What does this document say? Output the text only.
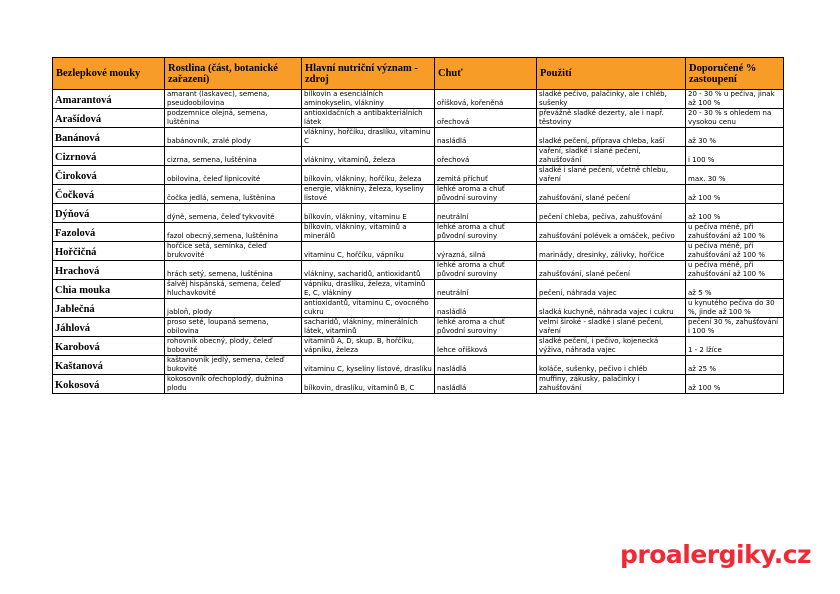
Bezlepkové mouky	Rostlina (část, botanické zařazení)	Hlavní nutriční význam - zdroj	Chuť	Použití	Doporučené % zastoupení
Amarantová	amarant (laskavec), semena, pseudoobilovina	bílkovin a esenciálních aminokyselin, vlákniny	oříšková, kořeněná	sladké pečivo, palačinky, ale i chléb, sušenky	20 - 30 % u pečiva, jinak až 100 %
Arašídová	podzemnice olejná, semena, luštěnina	antioxidačních a antibakteriálních látek	ořechová	převážně sladké dezerty, ale i např. těstoviny	20 - 30 % s ohledem na vysokou cenu
Banánová	babánovník, zralé plody	vlákniny, hořčíku, draslíku, vitaminu C	nasládlá	sladké pečení, příprava chleba, kaší	až 30 %
Cizrnová	cizrna, semena, luštěnina	vlákniny, vitaminů, železa	ořechová	vaření, sladké i slané pečení, zahušťování	i 100 %
Čiroková	obilovina, čeleď lipnicovité	bílkovin, vlákniny, hořčíku, železa	zemitá příchuť	sladké i slané pečení, včetně chlebu, vaření	max. 30 %
Čočková	čočka jedlá, semena, luštěnina	energie, vlákniny, železa, kyseliny listové	lehké aroma a chuť původní suroviny	zahušťování, slané pečení	až 100 %
Dýňová	dýně, semena, čeleď tykvovité	bílkovin, vlákniny, vitaminu E	neutrální	pečení chleba, pečiva, zahušťování	až 100 %
Fazolová	fazol obecný,semena, luštěnina	bílkovin, vlákniny, vitaminů a minerálů	lehké aroma a chuť původní suroviny	zahušťování polévek a omáček, pečivo	u pečiva méně, při zahušťování až 100 %
Hořčičná	hořčice setá, semínka, čeleď brukvovité	vitaminu C, hořčíku, vápníku	výrazná, silná	marinády, dresinky, zálivky, hořčice	u pečiva méně, při zahušťování až 100 %
Hrachová	hrách setý, semena, luštěnina	vlákniny, sacharidů, antioxidantů	lehké aroma a chuť původní suroviny	zahušťování, slané pečení	u pečiva méně, při zahušťování až 100 %
Chia mouka	šalvěj hispánská, semena, čeleď hluchavkovité	vápníku, draslíku, železa, vitaminů E, C, vlákniny	neutrální	pečení, náhrada vajec	až 5 %
Jablečná	jabloň, plody	antioxidantů, vitaminu C, ovocného cukru	nasládlá	sladká kuchyně, náhrada vajec i cukru	u kynutého pečiva do 30 %, jinde až 100 %
Jáhlová	proso seté, loupaná semena, obilovina	sacharidů, vlákniny, minerálních látek, vitaminů	lehké aroma a chuť původní suroviny	velmi široké - sladké i slané pečení, vaření	pečení 30 %, zahušťování i 100 %
Karobová	rohovník obecný, plody, čeleď bobovité	vitaminů A, D, skup. B, hořčíku, vápníku, železa	lehce oříšková	sladké pečení, i pečivo, kojenecká výživa, náhrada vajec	1 - 2 lžíce
Kaštanová	kaštanovník jedlý, semena, čeleď bukovité	vitaminu C, kyseliny listové, draslíku	nasládlá	koláče, sušenky, pečivo i chléb	až 25 %
Kokosová	kokosovník ořechoplodý, dužnina plodu	bílkovin, draslíku, vitaminů B, C	nasládlá	muffiny, zákusky, palačinky i zahušťování	až 100 %
proalergiky.cz
